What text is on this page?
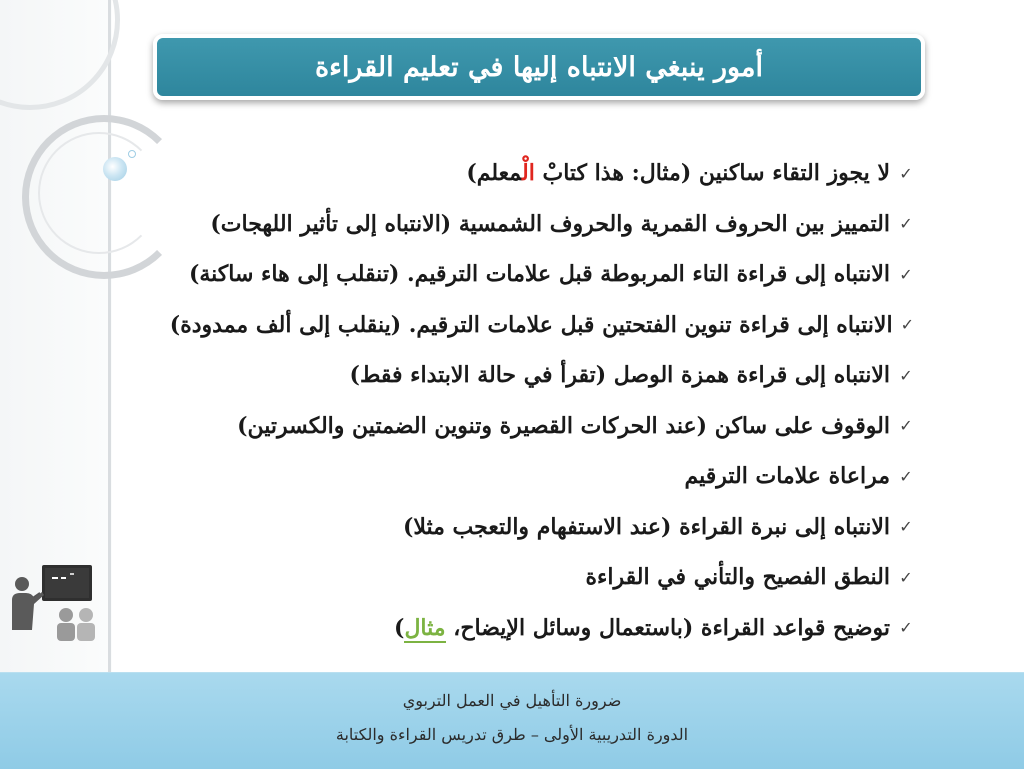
أمور ينبغي الانتباه إليها في تعليم القراءة
✓
لا يجوز التقاء ساكنين (مثال: هذا كتابْ الْمعلم)
✓
التمييز بين الحروف القمرية والحروف الشمسية (الانتباه إلى تأثير اللهجات)
✓
الانتباه إلى قراءة التاء المربوطة قبل علامات الترقيم. (تنقلب إلى هاء ساكنة)
✓
الانتباه إلى قراءة تنوين الفتحتين قبل علامات الترقيم. (ينقلب إلى ألف ممدودة)
✓
الانتباه إلى قراءة همزة الوصل (تقرأ في حالة الابتداء فقط)
✓
الوقوف على ساكن (عند الحركات القصيرة وتنوين الضمتين والكسرتين)
✓
مراعاة علامات الترقيم
✓
الانتباه إلى نبرة القراءة (عند الاستفهام والتعجب مثلا)
✓
النطق الفصيح والتأني في القراءة
✓
توضيح قواعد القراءة (باستعمال وسائل الإيضاح، مثال)
ضرورة التأهيل في العمل التربوي
الدورة التدريبية الأولى – طرق تدريس القراءة والكتابة
